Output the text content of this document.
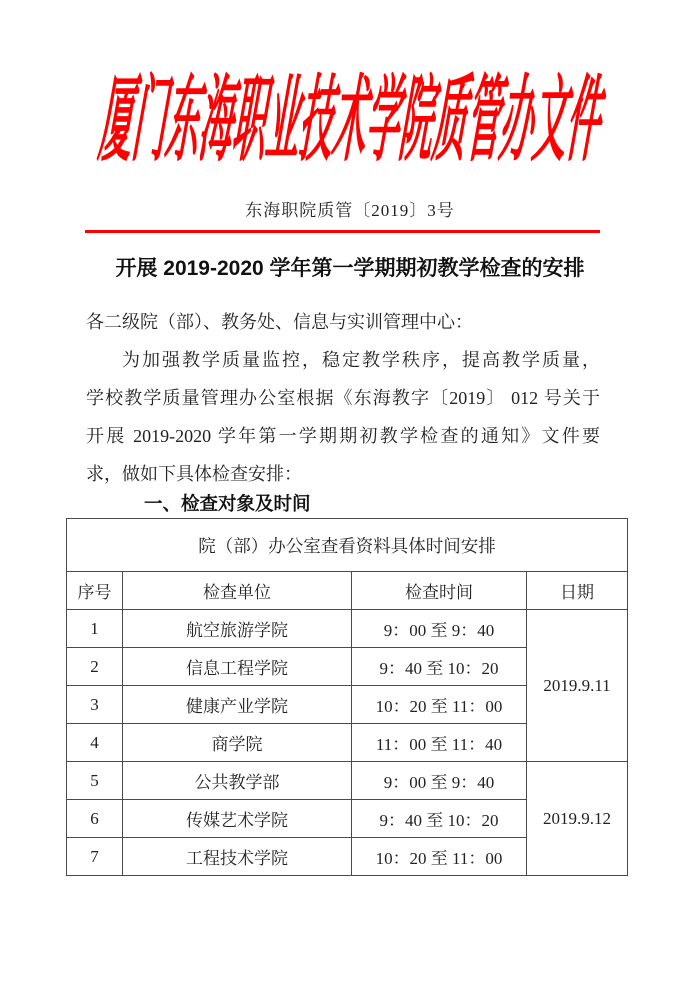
厦门东海职业技术学院质管办文件
东海职院质管〔2019〕3号
开展 2019-2020 学年第一学期期初教学检查的安排
各二级院（部）、教务处、信息与实训管理中心：
为加强教学质量监控，稳定教学秩序，提高教学质量，
学校教学质量管理办公室根据《东海教字〔2019〕 012 号关于
开展 2019-2020 学年第一学期期初教学检查的通知》文件要
求，做如下具体检查安排：
一、检查对象及时间
院（部）办公室查看资料具体时间安排			
序号	检查单位	检查时间	日期
1	航空旅游学院	9：00 至 9：40	2019.9.11
2	信息工程学院	9：40 至 10：20	
3	健康产业学院	10：20 至 11：00	
4	商学院	11：00 至 11：40	
5	公共教学部	9：00 至 9：40	2019.9.12
6	传媒艺术学院	9：40 至 10：20	
7	工程技术学院	10：20 至 11：00	
